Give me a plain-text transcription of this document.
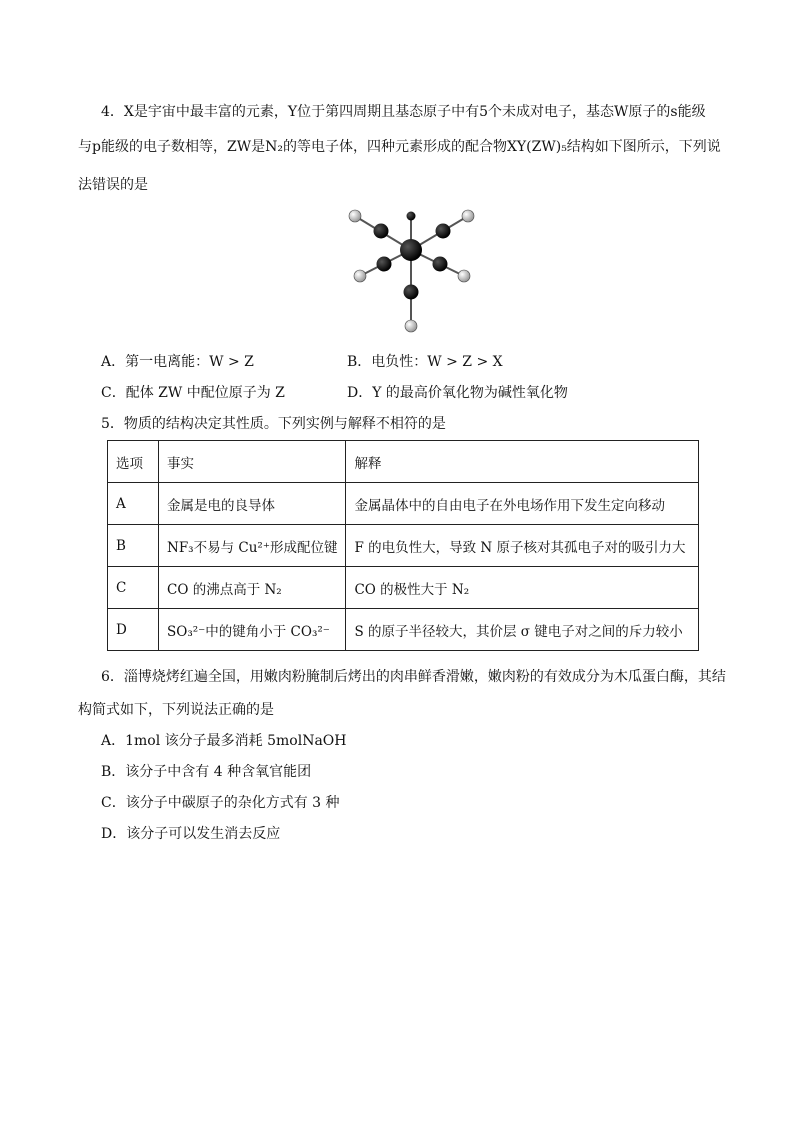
4．X是宇宙中最丰富的元素，Y位于第四周期且基态原子中有5个未成对电子，基态W原子的s能级
与p能级的电子数相等，ZW是N₂的等电子体，四种元素形成的配合物XY(ZW)₅结构如下图所示，下列说
法错误的是
A．第一电离能：W > Z	B．电负性：W > Z > X
C．配体 ZW 中配位原子为 Z	D．Y 的最高价氧化物为碱性氧化物
5．物质的结构决定其性质。下列实例与解释不相符的是
选项	事实	解释
A	金属是电的良导体	金属晶体中的自由电子在外电场作用下发生定向移动
B	NF₃不易与 Cu²⁺形成配位键	F 的电负性大，导致 N 原子核对其孤电子对的吸引力大
C	CO 的沸点高于 N₂	CO 的极性大于 N₂
D	SO₃²⁻中的键角小于 CO₃²⁻	S 的原子半径较大，其价层 σ 键电子对之间的斥力较小
6．淄博烧烤红遍全国，用嫩肉粉腌制后烤出的肉串鲜香滑嫩，嫩肉粉的有效成分为木瓜蛋白酶，其结
构简式如下，下列说法正确的是
A．1mol 该分子最多消耗 5molNaOH
B．该分子中含有 4 种含氧官能团
C．该分子中碳原子的杂化方式有 3 种
D．该分子可以发生消去反应
